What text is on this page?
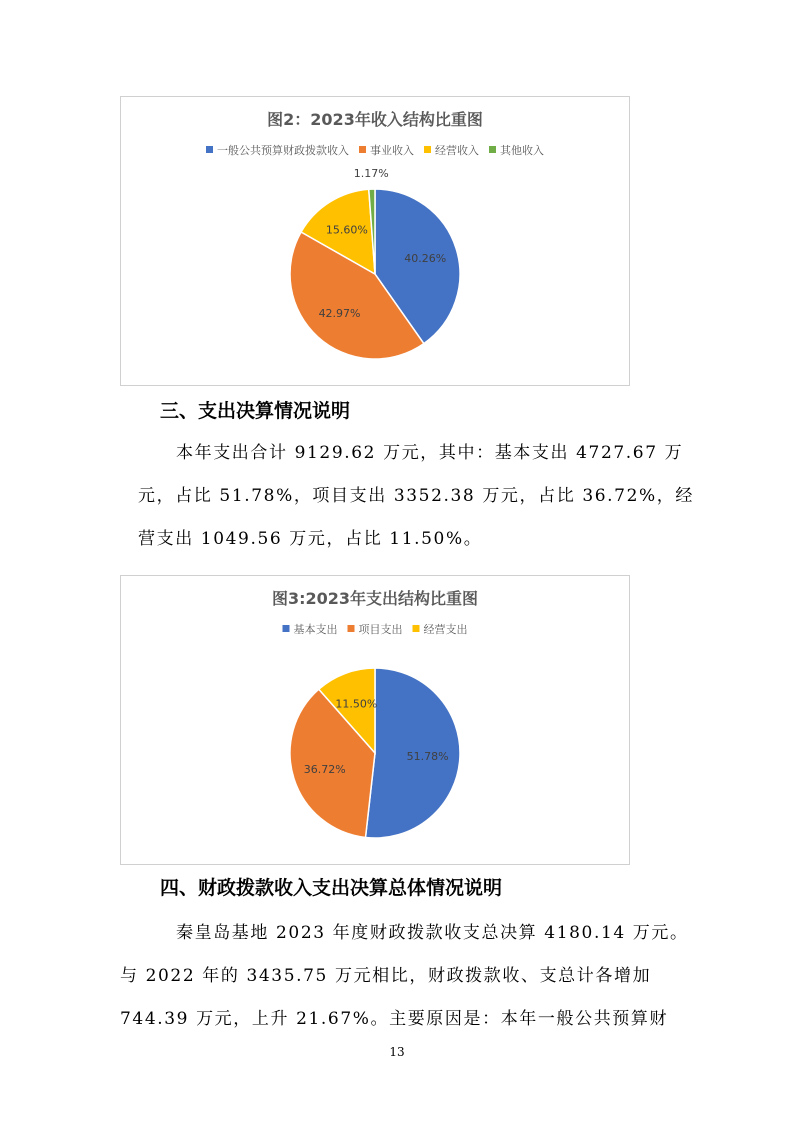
图2：2023年收入结构比重图
一般公共预算财政拨款收入 事业收入 经营收入 其他收入
40.26%
42.97%
15.60%
1.17%
三、支出决算情况说明
本年支出合计 9129.62 万元，其中：基本支出 4727.67 万
元，占比 51.78%，项目支出 3352.38 万元，占比 36.72%，经
营支出 1049.56 万元，占比 11.50%。
图3:2023年支出结构比重图
基本支出 项目支出 经营支出
51.78%
36.72%
11.50%
四、财政拨款收入支出决算总体情况说明
秦皇岛基地 2023 年度财政拨款收支总决算 4180.14 万元。
与 2022 年的 3435.75 万元相比，财政拨款收、支总计各增加
744.39 万元，上升 21.67%。主要原因是：本年一般公共预算财
13
